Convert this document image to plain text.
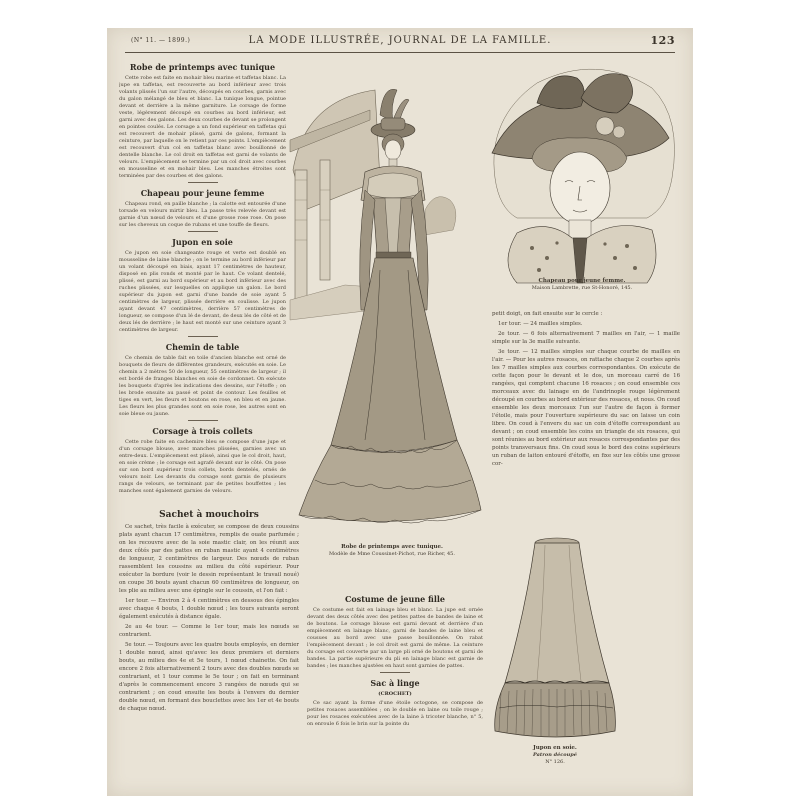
(N° 11. — 1899.)	LA MODE ILLUSTRÉE, JOURNAL DE LA FAMILLE.	123
Robe de printemps avec tunique

Cette robe est faite en mohair bleu marine et taffetas blanc. La jupe en taffetas, est recouverte au bord inférieur avec trois volants plissés l'un sur l'autre, découpés en courbes, garnis avec du galon mélangé de bleu et blanc. La tunique longue, pointue devant et derrière a la même garniture. Le corsage de forme veste, légèrement découpé en courbes au bord inférieur, est garni avec des galons. Les deux courbes de devant se prolongent en pointes coulés. Le corsage a un fond supérieur en taffetas qui est recouvert de mohair plissé, garni de galons, formant la ceinture, par laquelle on le retient par ces points. L'empiècement est recouvert d'un col en taffetas blanc avec bouillonné de dentelle blanche. Le col droit en taffetas est garni de volants de velours. L'empiècement se termine par un col droit avec courbes en mousseline et en mohair bleu. Les manches étroites sont terminées par des courbes et des galons.

Chapeau pour jeune femme

Chapeau rond, en paille blanche ; la calotte est entourée d'une torsade en velours mirtir bleu. La passe très relevée devant est garnie d'un nœud de velours et d'une grosse rose rose. On pose sur les cheveux un coque de rubans et une touffe de fleurs.

Jupon en soie

Ce jupon en soie changeante rouge et verte est doublé en mousseline de laine blanche ; on le termine au bord inférieur par un volant découpé en biais, ayant 17 centimètres de hauteur, disposé en plis ronds et monté par le haut. Ce volant dentelé, plissé, est garni au bord supérieur et au bord inférieur avec des ruches plissées, sur lesquelles on applique un galon. Le bord supérieur du jupon est garni d'une bande de soie ayant 5 centimètres de largeur, plissée derrière en coulisse. Le jupon ayant devant 47 centimètres, derrière 57 centimètres de longueur, se compose d'un lé de devant, de deux lés de côté et de deux lés de derrière ; le haut est monté sur une ceinture ayant 3 centimètres de largeur.

Chemin de table

Ce chemin de table fait en toile d'ancien blanche est orné de bouquets de fleurs de différentes grandeurs, exécutés en soie. Le chemin a 2 mètres 50 de longueur, 55 centimètres de largeur ; il est bordé de franges blanches en soie de cordonnet. On exécute les bouquets d'après les indications des dessins, sur l'étoffe ; on les brode ensuite au passé et point de contour. Les feuilles et tiges en vert, les fleurs et boutons en rose, en bleu et en jaune. Les fleurs les plus grandes sont en soie rose, les autres sont en soie bleue ou jaune.

Corsage à trois collets

Cette robe faite en cachemire bleu se compose d'une jupe et d'un corsage blouse, avec manches plissées, garnies avec un entre-deux. L'empiècement est plissé, ainsi que le col droit, haut, en soie crème ; le corsage est agrafé devant sur le côté. On pose sur son bord supérieur trois collets, bords dentelés, ornés de velours noir. Les devants du corsage sont garnis de plusieurs rangs de velours, se terminant par de petites bouffettes ; les manches sont également garnies de velours.

Sachet à mouchoirs

Ce sachet, très facile à exécuter, se compose de deux coussins plats ayant chacun 17 centimètres, remplis de ouate parfumée ; on les recouvre avec de la soie mastic clair, on les réunit aux deux côtés par des pattes en ruban mastic ayant 4 centimètres de longueur, 2 centimètres de largeur. Des nœuds de ruban rassemblent les coussins au milieu du côté supérieur. Pour exécuter la bordure (voir le dessin représentant le travail noué) on coupe 36 bouts ayant chacun 60 centimètres de longueur, on les plie au milieu avec une épingle sur le coussin, et l'on fait :

1er tour. — Environ 2 à 4 centimètres en dessous des épingles avec chaque 4 bouts, 1 double nœud ; les tours suivants seront également exécutés à distance égale.

2e au 4e tour. — Comme le 1er tour, mais les nœuds se contrarient.

5e tour. — Toujours avec les quatre bouts employés, en dernier 1 double nœud, ainsi qu'avec les deux premiers et derniers bouts, au milieu des 4e et 5e tours, 1 nœud chainette. On fait encore 2 fois alternativement 2 tours avec des doubles nœuds se contrariant, et 1 tour comme le 5e tour ; on fait en terminant d'après le commencement encore 3 rangées de nœuds qui se contrarient ; on coud ensuite les bouts à l'envers du dernier double nœud, en formant des bouclettes avec les 1er et 4e bouts de chaque nœud.

Costume de jeune fille

Ce costume est fait en lainage bleu et blanc. La jupe est ornée devant des deux côtés avec des petites pattes de bandes de laine et de boutons. Le corsage blouse est garni devant et derrière d'un empiècement en lainage blanc, garni de bandes de laine bleu et cousues au bord avec une passe bouillonnée. On rabat l'empiècement devant ; le col droit est garni de même. La ceinture du corsage est couverte par un large pli orné de boutons et garni de bandes. La partie supérieure du pli en lainage blanc est garnie de bandes ; les manches ajustées en haut sont garnies de pattes.

Sac à linge
(CROCHET)

Ce sac ayant la forme d'une étoile octogone, se compose de petites rosaces assemblées ; on le double en laine ou toile rouge ; pour les rosaces exécutées avec de la laine à tricoter blanche, n° 5, on enroule 6 fois le brin sur la pointe du

petit doigt, on fait ensuite sur le cercle :

1er tour. — 24 mailles simples.

2e tour. — 6 fois alternativement 7 mailles en l'air, — 1 maille simple sur la 3e maille suivante.

3e tour. — 12 mailles simples sur chaque courbe de mailles en l'air. — Pour les autres rosaces, on rattache chaque 2 courbes après les 7 mailles simples aux courbes correspondantes. On exécute de cette façon pour le devant et le dos, un morceau carré de 16 rangées, qui comptent chacune 16 rosaces ; on coud ensemble ces morceaux avec du lainage en de l'andrinople rouge légèrement découpé en courbes au bord extérieur des rosaces, et nous. On coud ensemble les deux morceaux l'un sur l'autre de façon à former l'étoile, mais pour l'ouverture supérieure du sac on laisse un coin libre. On coud à l'envers du sac un coin d'étoffe correspondant au devant ; on coud ensemble les coins un triangle de six rosaces, qui sont réunies au bord extérieur aux rosaces correspondantes par des points transversaux fins. On coud sous le bord des coins supérieurs un ruban de laiton entouré d'étoffe, en fixe sur les côtés une grosse cor-

Robe de printemps avec tunique.
Modèle de Mme Coussinet-Pichot, rue Richer, 45.
Chapeau pour jeune femme.
Maison Lambrette, rue St-Honoré, 145.
Jupon en soie.
Patron découpé
N° 126.
